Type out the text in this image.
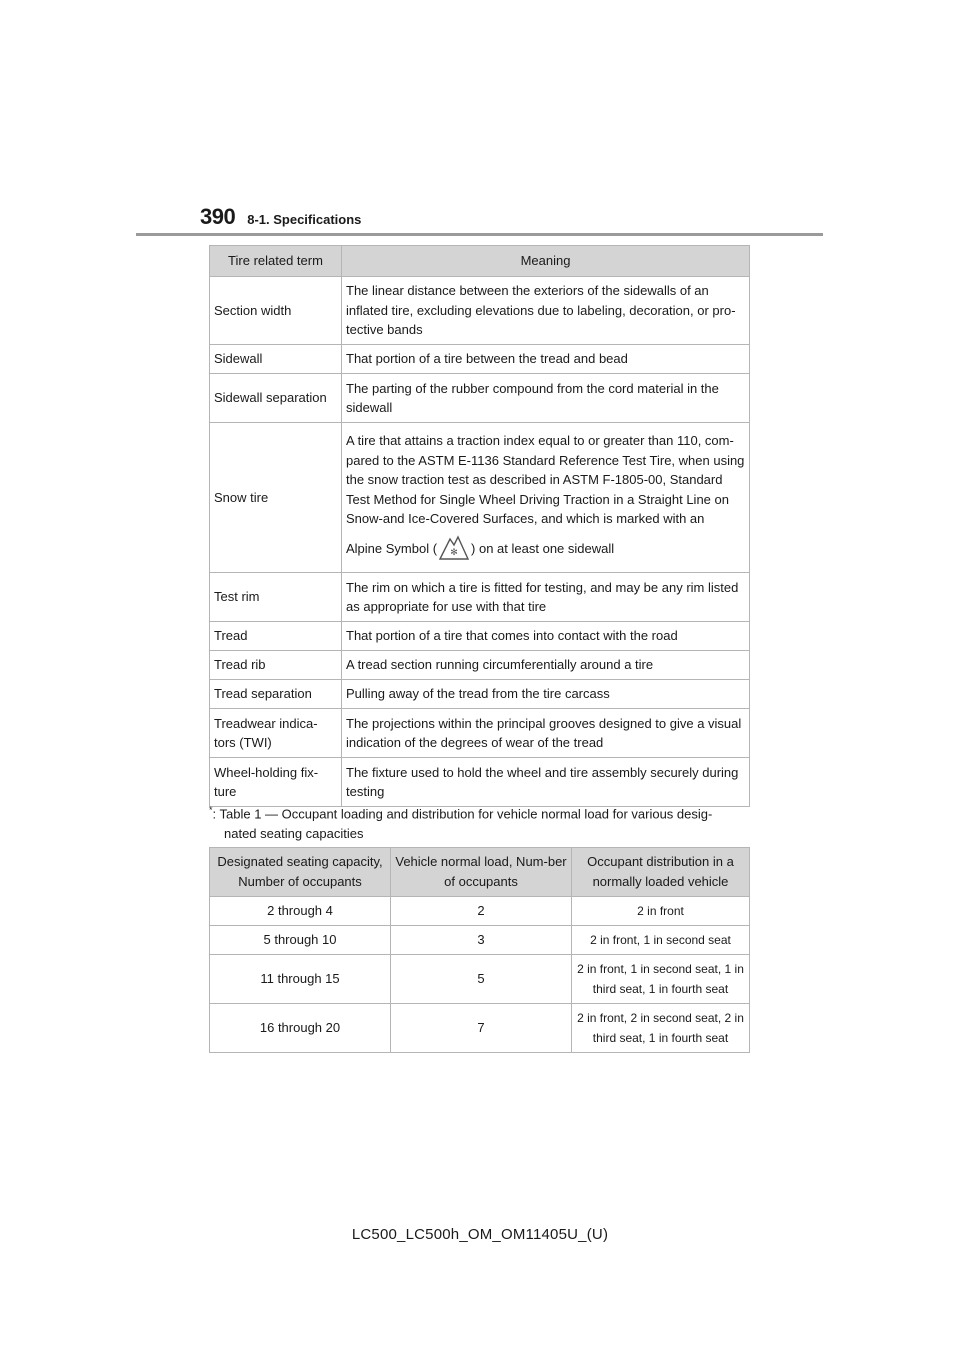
390 8-1. Specifications
Tire related term	Meaning
Section width	The linear distance between the exteriors of the sidewalls of an inflated tire, excluding elevations due to labeling, decoration, or pro-tective bands
Sidewall	That portion of a tire between the tread and bead
Sidewall separation	The parting of the rubber compound from the cord material in the sidewall
Snow tire	A tire that attains a traction index equal to or greater than 110, com-pared to the ASTM E-1136 Standard Reference Test Tire, when using the snow traction test as described in ASTM F-1805-00, Standard Test Method for Single Wheel Driving Traction in a Straight Line on Snow-and Ice-Covered Surfaces, and which is marked with an
Alpine Symbol ( ✻ ) on at least one sidewall

Test rim	The rim on which a tire is fitted for testing, and may be any rim listed as appropriate for use with that tire
Tread	That portion of a tire that comes into contact with the road
Tread rib	A tread section running circumferentially around a tire
Tread separation	Pulling away of the tread from the tire carcass
Treadwear indica-tors (TWI)	The projections within the principal grooves designed to give a visual indication of the degrees of wear of the tread
Wheel-holding fix-ture	The fixture used to hold the wheel and tire assembly securely during testing
*: Table 1 — Occupant loading and distribution for vehicle normal load for various desig-
nated seating capacities
Designated seating capacity, Number of occupants	Vehicle normal load, Num-ber of occupants	Occupant distribution in a normally loaded vehicle
2 through 4	2	2 in front
5 through 10	3	2 in front, 1 in second seat
11 through 15	5	2 in front, 1 in second seat, 1 in third seat, 1 in fourth seat
16 through 20	7	2 in front, 2 in second seat, 2 in third seat, 1 in fourth seat
LC500_LC500h_OM_OM11405U_(U)
